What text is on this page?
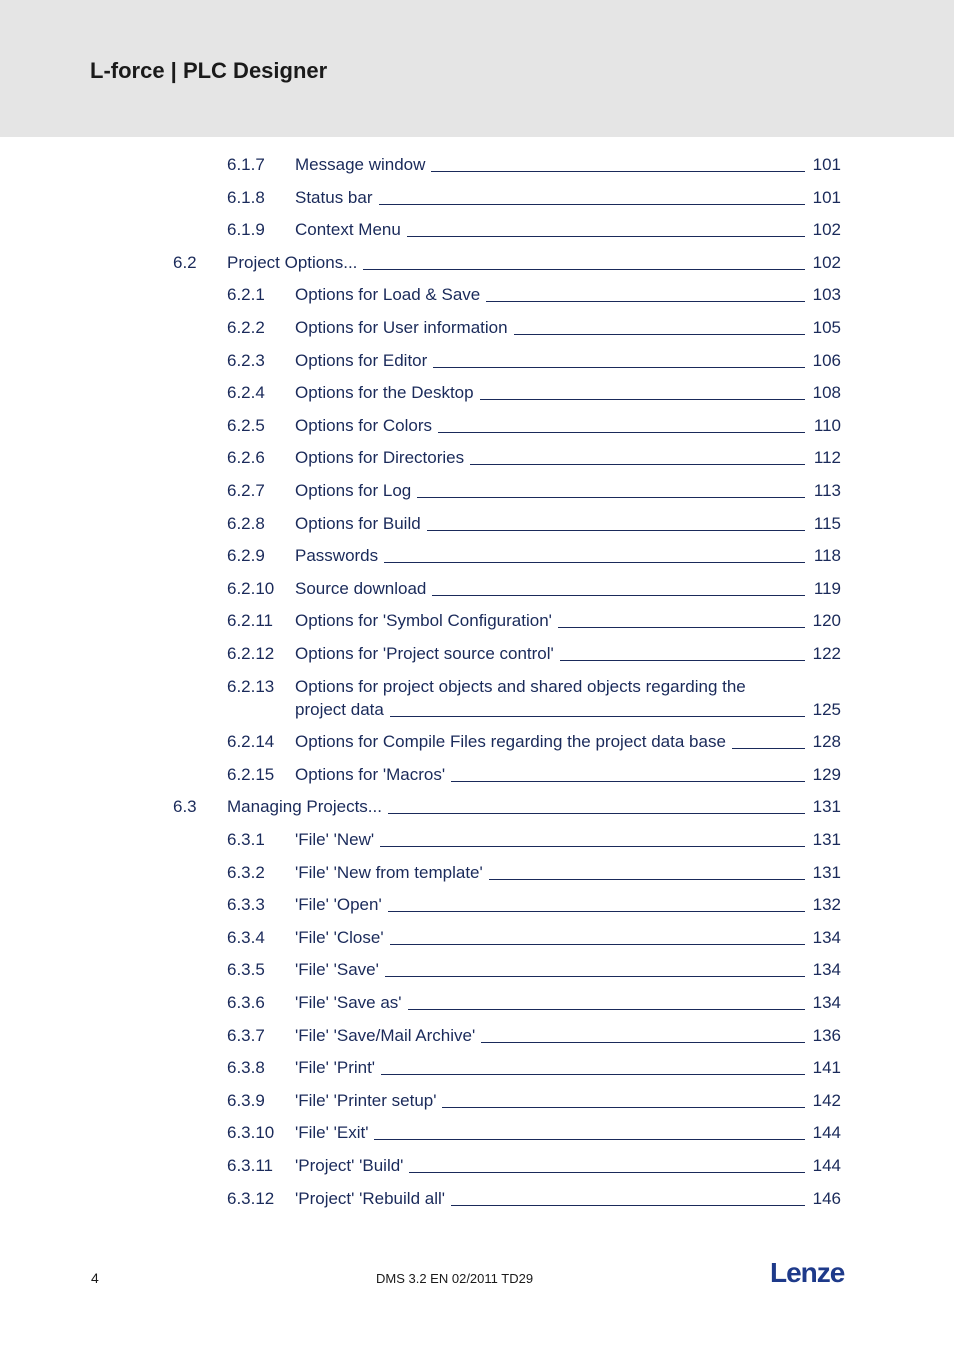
L-force | PLC Designer
6.1.7 Message window	101
6.1.8 Status bar	101
6.1.9 Context Menu	102
6.2 Project Options...	102
6.2.1 Options for Load & Save	103
6.2.2 Options for User information	105
6.2.3 Options for Editor	106
6.2.4 Options for the Desktop	108
6.2.5 Options for Colors	110
6.2.6 Options for Directories	112
6.2.7 Options for Log	113
6.2.8 Options for Build	115
6.2.9 Passwords	118
6.2.10 Source download	119
6.2.11 Options for 'Symbol Configuration'	120
6.2.12 Options for 'Project source control'	122
6.2.13 Options for project objects and shared objects regarding the
project data	125
6.2.14 Options for Compile Files regarding the project data base	128
6.2.15 Options for 'Macros'	129
6.3 Managing Projects...	131
6.3.1 'File' 'New'	131
6.3.2 'File' 'New from template'	131
6.3.3 'File' 'Open'	132
6.3.4 'File' 'Close'	134
6.3.5 'File' 'Save'	134
6.3.6 'File' 'Save as'	134
6.3.7 'File' 'Save/Mail Archive'	136
6.3.8 'File' 'Print'	141
6.3.9 'File' 'Printer setup'	142
6.3.10 'File' 'Exit'	144
6.3.11 'Project' 'Build'	144
6.3.12 'Project' 'Rebuild all'	146
4	DMS 3.2 EN 02/2011 TD29	Lenze
